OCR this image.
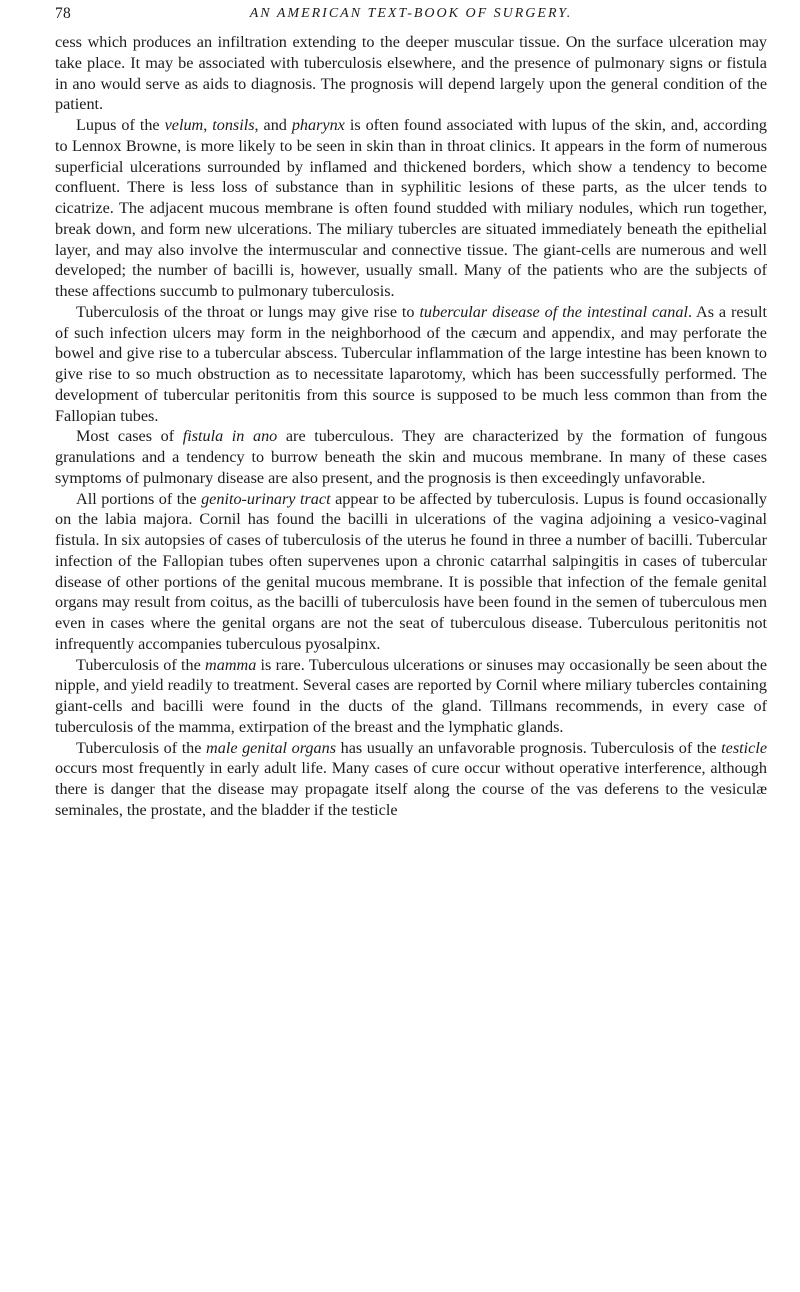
78	AN AMERICAN TEXT-BOOK OF SURGERY.

cess which produces an infiltration extending to the deeper muscular tissue. On the surface ulceration may take place. It may be associated with tuberculosis elsewhere, and the presence of pulmonary signs or fistula in ano would serve as aids to diagnosis. The prognosis will depend largely upon the general condition of the patient.

Lupus of the velum, tonsils, and pharynx is often found associated with lupus of the skin, and, according to Lennox Browne, is more likely to be seen in skin than in throat clinics. It appears in the form of numerous superficial ulcerations surrounded by inflamed and thickened borders, which show a tendency to become confluent. There is less loss of substance than in syphilitic lesions of these parts, as the ulcer tends to cicatrize. The adjacent mucous membrane is often found studded with miliary nodules, which run together, break down, and form new ulcerations. The miliary tubercles are situated immediately beneath the epithelial layer, and may also involve the intermuscular and connective tissue. The giant-cells are numerous and well developed; the number of bacilli is, however, usually small. Many of the patients who are the subjects of these affections succumb to pulmonary tuberculosis.

Tuberculosis of the throat or lungs may give rise to tubercular disease of the intestinal canal. As a result of such infection ulcers may form in the neighborhood of the cæcum and appendix, and may perforate the bowel and give rise to a tubercular abscess. Tubercular inflammation of the large intestine has been known to give rise to so much obstruction as to necessitate laparotomy, which has been successfully performed. The development of tubercular peritonitis from this source is supposed to be much less common than from the Fallopian tubes.

Most cases of fistula in ano are tuberculous. They are characterized by the formation of fungous granulations and a tendency to burrow beneath the skin and mucous membrane. In many of these cases symptoms of pulmonary disease are also present, and the prognosis is then exceedingly unfavorable.

All portions of the genito-urinary tract appear to be affected by tuberculosis. Lupus is found occasionally on the labia majora. Cornil has found the bacilli in ulcerations of the vagina adjoining a vesico-vaginal fistula. In six autopsies of cases of tuberculosis of the uterus he found in three a number of bacilli. Tubercular infection of the Fallopian tubes often supervenes upon a chronic catarrhal salpingitis in cases of tubercular disease of other portions of the genital mucous membrane. It is possible that infection of the female genital organs may result from coitus, as the bacilli of tuberculosis have been found in the semen of tuberculous men even in cases where the genital organs are not the seat of tuberculous disease. Tuberculous peritonitis not infrequently accompanies tuberculous pyosalpinx.

Tuberculosis of the mamma is rare. Tuberculous ulcerations or sinuses may occasionally be seen about the nipple, and yield readily to treatment. Several cases are reported by Cornil where miliary tubercles containing giant-cells and bacilli were found in the ducts of the gland. Tillmans recommends, in every case of tuberculosis of the mamma, extirpation of the breast and the lymphatic glands.

Tuberculosis of the male genital organs has usually an unfavorable prognosis. Tuberculosis of the testicle occurs most frequently in early adult life. Many cases of cure occur without operative interference, although there is danger that the disease may propagate itself along the course of the vas deferens to the vesiculæ seminales, the prostate, and the bladder if the testicle
